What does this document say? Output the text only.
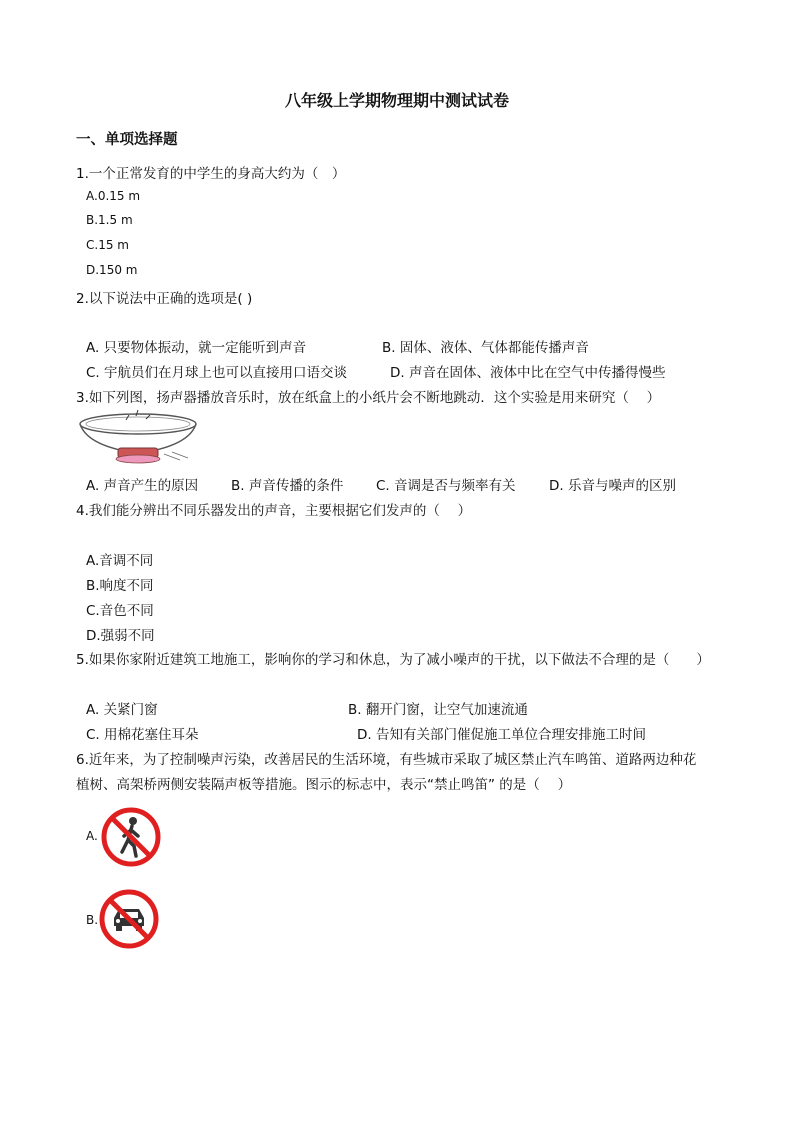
八年级上学期物理期中测试试卷
一、单项选择题
1.一个正常发育的中学生的身高大约为（　）
A.0.15 m
B.1.5 m
C.15 m
D.150 m
2.以下说法中正确的选项是( )
A. 只要物体振动，就一定能听到声音	B. 固体、液体、气体都能传播声音
C. 宇航员们在月球上也可以直接用口语交谈	D. 声音在固体、液体中比在空气中传播得慢些
3.如下列图，扬声器播放音乐时，放在纸盒上的小纸片会不断地跳动．这个实验是用来研究（　 ）
A. 声音产生的原因 B. 声音传播的条件 C. 音调是否与频率有关 D. 乐音与噪声的区别
4.我们能分辨出不同乐器发出的声音，主要根据它们发声的（　 ）
A.音调不同
B.响度不同
C.音色不同
D.强弱不同
5.如果你家附近建筑工地施工，影响你的学习和休息，为了减小噪声的干扰，以下做法不合理的是（　　）
A. 关紧门窗	B. 翻开门窗，让空气加速流通
C. 用棉花塞住耳朵	D. 告知有关部门催促施工单位合理安排施工时间
6.近年来，为了控制噪声污染，改善居民的生活环境，有些城市采取了城区禁止汽车鸣笛、道路两边种花
植树、高架桥两侧安装隔声板等措施。图示的标志中，表示“禁止鸣笛” 的是（　 ）
A.
B.
